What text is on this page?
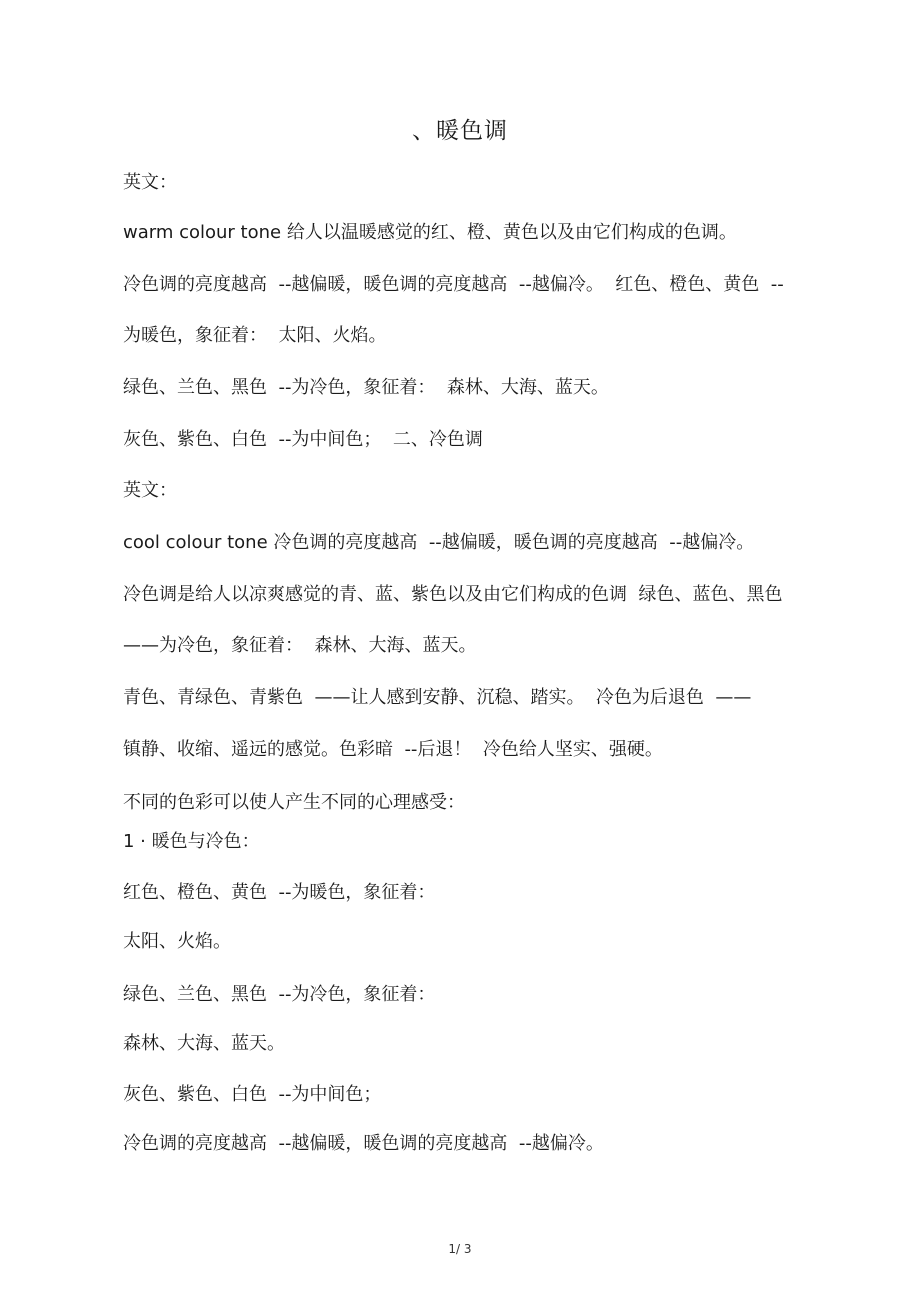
、暖色调
英文：
warm colour tone 给人以温暖感觉的红、橙、黄色以及由它们构成的色调。
冷色调的亮度越高  --越偏暖，暖色调的亮度越高  --越偏冷。  红色、橙色、黄色  --
为暖色，象征着：  太阳、火焰。
绿色、兰色、黑色  --为冷色，象征着：  森林、大海、蓝天。
灰色、紫色、白色  --为中间色；  二、冷色调
英文：
cool colour tone 冷色调的亮度越高  --越偏暖，暖色调的亮度越高  --越偏冷。
冷色调是给人以凉爽感觉的青、蓝、紫色以及由它们构成的色调  绿色、蓝色、黑色
——为冷色，象征着：  森林、大海、蓝天。
青色、青绿色、青紫色  ——让人感到安静、沉稳、踏实。  冷色为后退色  ——
镇静、收缩、遥远的感觉。色彩暗  --后退！  冷色给人坚实、强硬。
不同的色彩可以使人产生不同的心理感受：
1 · 暖色与冷色：
红色、橙色、黄色  --为暖色，象征着：
太阳、火焰。
绿色、兰色、黑色  --为冷色，象征着：
森林、大海、蓝天。
灰色、紫色、白色  --为中间色；
冷色调的亮度越高  --越偏暖，暖色调的亮度越高  --越偏冷。
1/ 3
